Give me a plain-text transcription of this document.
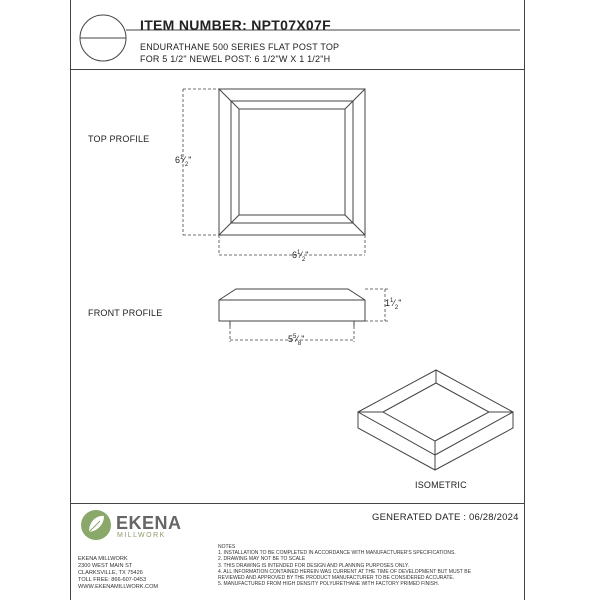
ITEM NUMBER: NPT07X07F
ENDURATHANE 500 SERIES FLAT POST TOP
FOR 5 1/2" NEWEL POST: 6 1/2"W X 1 1/2"H
TOP PROFILE
FRONT PROFILE
ISOMETRIC
$6^1⁄_2$"
$6^1⁄_2$"
$1^1⁄_2$"
$5^5⁄_8$"
GENERATED DATE : 06/28/2024
EKENA
MILLWORK
EKENA MILLWORK
2300 WEST MAIN ST
CLARKSVILLE, TX 75426
TOLL FREE: 866-607-0453
WWW.EKENAMILLWORK.COM
NOTES
1. INSTALLATION TO BE COMPLETED IN ACCORDANCE WITH MANUFACTURER'S SPECIFICATIONS.
2. DRAWING MAY NOT BE TO SCALE
3. THIS DRAWING IS INTENDED FOR DESIGN AND PLANNING PURPOSES ONLY.
4. ALL INFORMATION CONTAINED HEREIN WAS CURRENT AT THE TIME OF DEVELOPMENT BUT MUST BE
REVIEWED AND APPROVED BY THE PRODUCT MANUFACTURER TO BE CONSIDERED ACCURATE.
5. MANUFACTURED FROM HIGH DENSITY POLYURETHANE WITH FACTORY PRIMED FINISH.
